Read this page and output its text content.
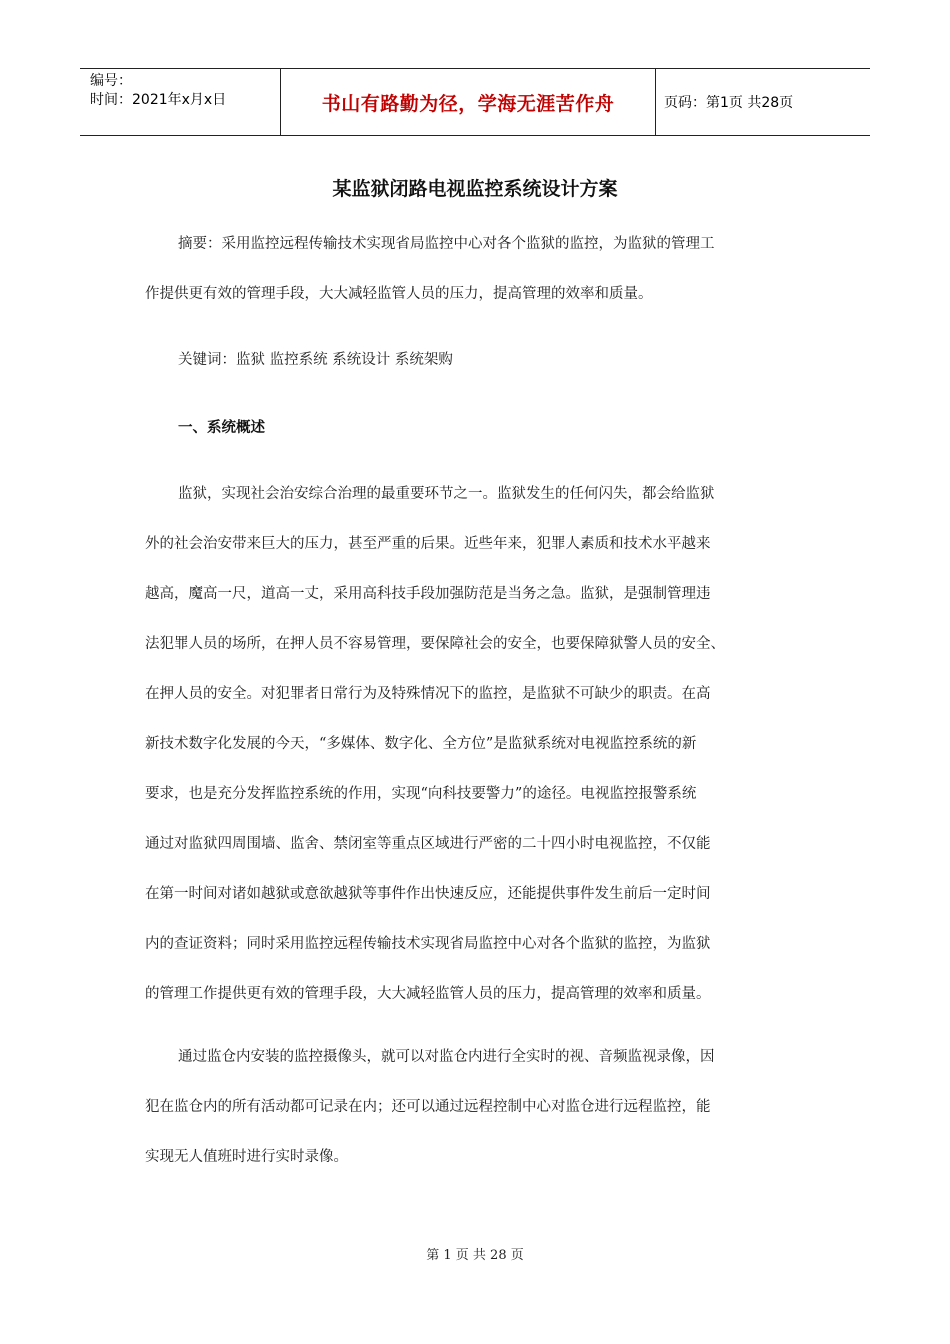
编号：
时间：2021年x月x日	书山有路勤为径，学海无涯苦作舟	页码：第1页 共28页
某监狱闭路电视监控系统设计方案
摘要：采用监控远程传输技术实现省局监控中心对各个监狱的监控，为监狱的管理工
作提供更有效的管理手段，大大减轻监管人员的压力，提高管理的效率和质量。
关键词：监狱 监控系统 系统设计 系统架购
一、系统概述
监狱，实现社会治安综合治理的最重要环节之一。监狱发生的任何闪失，都会给监狱
外的社会治安带来巨大的压力，甚至严重的后果。近些年来，犯罪人素质和技术水平越来
越高，魔高一尺，道高一丈，采用高科技手段加强防范是当务之急。监狱，是强制管理违
法犯罪人员的场所，在押人员不容易管理，要保障社会的安全，也要保障狱警人员的安全、
在押人员的安全。对犯罪者日常行为及特殊情况下的监控，是监狱不可缺少的职责。在高
新技术数字化发展的今天，“多媒体、数字化、全方位”是监狱系统对电视监控系统的新
要求，也是充分发挥监控系统的作用，实现“向科技要警力”的途径。电视监控报警系统
通过对监狱四周围墙、监舍、禁闭室等重点区域进行严密的二十四小时电视监控，不仅能
在第一时间对诸如越狱或意欲越狱等事件作出快速反应，还能提供事件发生前后一定时间
内的查证资料；同时采用监控远程传输技术实现省局监控中心对各个监狱的监控，为监狱
的管理工作提供更有效的管理手段，大大减轻监管人员的压力，提高管理的效率和质量。
通过监仓内安装的监控摄像头，就可以对监仓内进行全实时的视、音频监视录像，因
犯在监仓内的所有活动都可记录在内；还可以通过远程控制中心对监仓进行远程监控，能
实现无人值班时进行实时录像。
第 1 页 共 28 页
